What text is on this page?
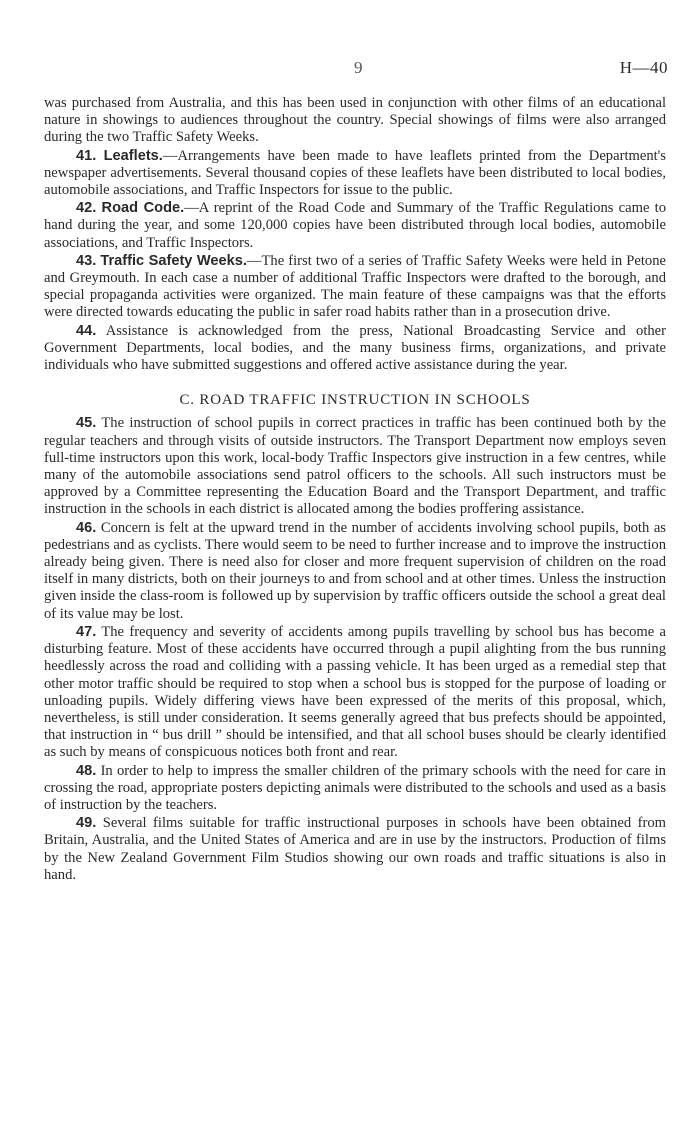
9	H—40

was purchased from Australia, and this has been used in conjunction with other films of an educational nature in showings to audiences throughout the country. Special showings of films were also arranged during the two Traffic Safety Weeks.

41. Leaflets.—Arrangements have been made to have leaflets printed from the Department's newspaper advertisements. Several thousand copies of these leaflets have been distributed to local bodies, automobile associations, and Traffic Inspectors for issue to the public.

42. Road Code.—A reprint of the Road Code and Summary of the Traffic Regulations came to hand during the year, and some 120,000 copies have been distributed through local bodies, automobile associations, and Traffic Inspectors.

43. Traffic Safety Weeks.—The first two of a series of Traffic Safety Weeks were held in Petone and Greymouth. In each case a number of additional Traffic Inspectors were drafted to the borough, and special propaganda activities were organized. The main feature of these campaigns was that the efforts were directed towards educating the public in safer road habits rather than in a prosecution drive.

44. Assistance is acknowledged from the press, National Broadcasting Service and other Government Departments, local bodies, and the many business firms, organizations, and private individuals who have submitted suggestions and offered active assistance during the year.

C. ROAD TRAFFIC INSTRUCTION IN SCHOOLS

45. The instruction of school pupils in correct practices in traffic has been continued both by the regular teachers and through visits of outside instructors. The Transport Department now employs seven full-time instructors upon this work, local-body Traffic Inspectors give instruction in a few centres, while many of the automobile associations send patrol officers to the schools. All such instructors must be approved by a Committee representing the Education Board and the Transport Department, and traffic instruction in the schools in each district is allocated among the bodies proffering assistance.

46. Concern is felt at the upward trend in the number of accidents involving school pupils, both as pedestrians and as cyclists. There would seem to be need to further increase and to improve the instruction already being given. There is need also for closer and more frequent supervision of children on the road itself in many districts, both on their journeys to and from school and at other times. Unless the instruction given inside the class-room is followed up by supervision by traffic officers outside the school a great deal of its value may be lost.

47. The frequency and severity of accidents among pupils travelling by school bus has become a disturbing feature. Most of these accidents have occurred through a pupil alighting from the bus running heedlessly across the road and colliding with a passing vehicle. It has been urged as a remedial step that other motor traffic should be required to stop when a school bus is stopped for the purpose of loading or unloading pupils. Widely differing views have been expressed of the merits of this proposal, which, nevertheless, is still under consideration. It seems generally agreed that bus prefects should be appointed, that instruction in “ bus drill ” should be intensified, and that all school buses should be clearly identified as such by means of conspicuous notices both front and rear.

48. In order to help to impress the smaller children of the primary schools with the need for care in crossing the road, appropriate posters depicting animals were distributed to the schools and used as a basis of instruction by the teachers.

49. Several films suitable for traffic instructional purposes in schools have been obtained from Britain, Australia, and the United States of America and are in use by the instructors. Production of films by the New Zealand Government Film Studios showing our own roads and traffic situations is also in hand.
